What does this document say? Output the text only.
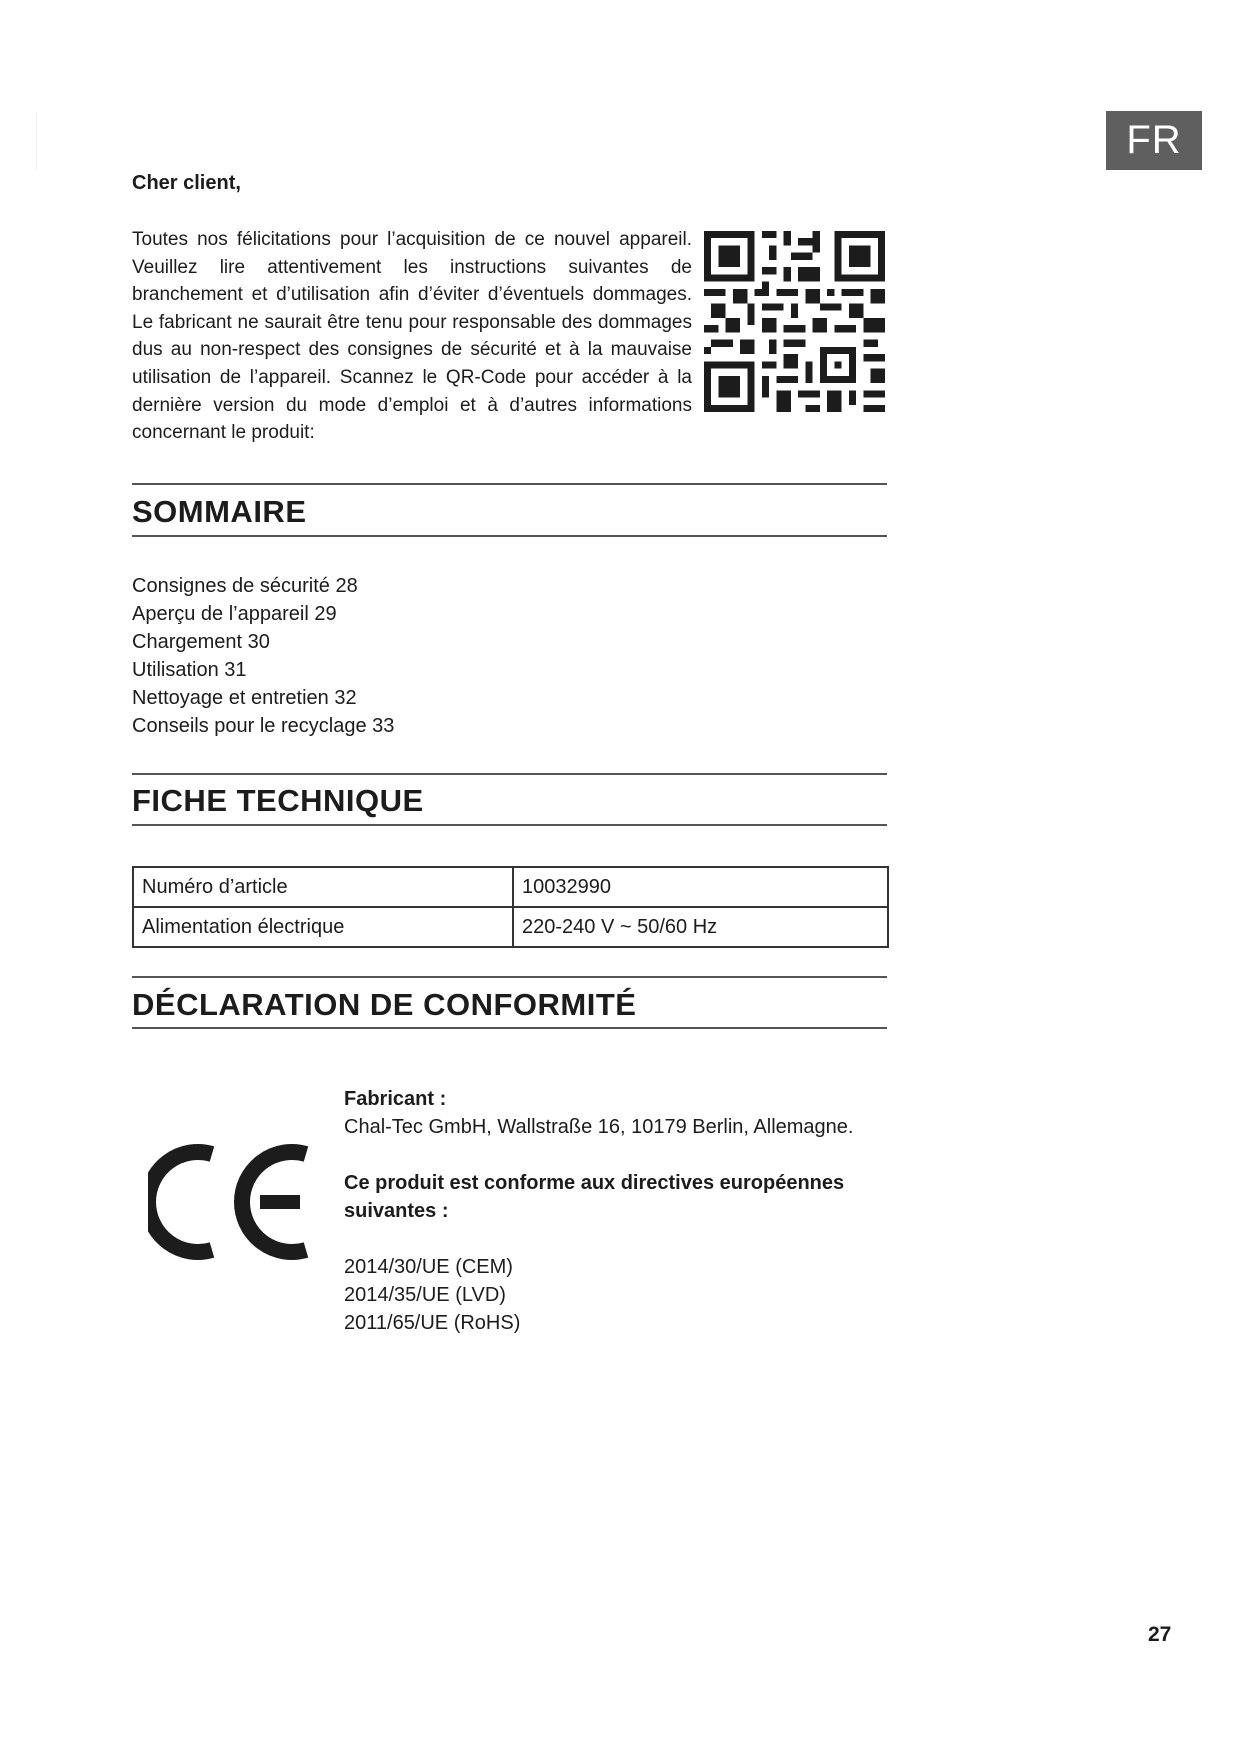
FR
Cher client,
Toutes nos félicitations pour l’acquisition de ce nouvel appareil. Veuillez lire attentivement les instructions suivantes de branchement et d’utilisation afin d’éviter d’éventuels dommages. Le fabricant ne saurait être tenu pour responsable des dommages dus au non-respect des consignes de sécurité et à la mauvaise utilisation de l’appareil. Scannez le QR-Code pour accéder à la dernière version du mode d’emploi et à d’autres informations concernant le produit:
SOMMAIRE
Consignes de sécurité 28
Aperçu de l’appareil 29
Chargement 30
Utilisation 31
Nettoyage et entretien 32
Conseils pour le recyclage 33
FICHE TECHNIQUE
Numéro d’article	10032990
Alimentation électrique	220-240 V ~ 50/60 Hz
DÉCLARATION DE CONFORMITÉ
Fabricant :
Chal-Tec GmbH, Wallstraße 16, 10179 Berlin, Allemagne.
Ce produit est conforme aux directives européennes suivantes :
2014/30/UE (CEM)
2014/35/UE (LVD)
2011/65/UE (RoHS)
27
